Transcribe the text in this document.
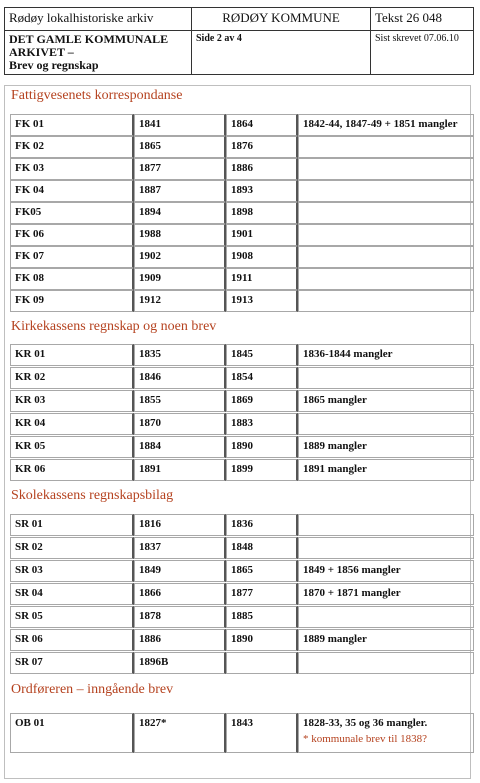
Rødøy lokalhistoriske arkiv	RØDØY KOMMUNE	Tekst 26 048
DET GAMLE KOMMUNALE ARKIVET –
Brev og regnskap	Side 2 av 4	Sist skrevet 07.06.10
Fattigvesenets korrespondanse
FK 01	1841	1864	1842-44, 1847-49 + 1851 mangler
FK 02	1865	1876
FK 03	1877	1886
FK 04	1887	1893
FK05	1894	1898
FK 06	1988	1901
FK 07	1902	1908
FK 08	1909	1911
FK 09	1912	1913
Kirkekassens regnskap og noen brev
KR 01	1835	1845	1836-1844 mangler
KR 02	1846	1854
KR 03	1855	1869	1865 mangler
KR 04	1870	1883
KR 05	1884	1890	1889 mangler
KR 06	1891	1899	1891 mangler
Skolekassens regnskapsbilag
SR 01	1816	1836
SR 02	1837	1848
SR 03	1849	1865	1849 + 1856 mangler
SR 04	1866	1877	1870 + 1871 mangler
SR 05	1878	1885
SR 06	1886	1890	1889 mangler
SR 07	1896B
Ordføreren – inngående brev
OB 01	1827*	1843	1828-33, 35 og 36 mangler.
* kommunale brev til 1838?
